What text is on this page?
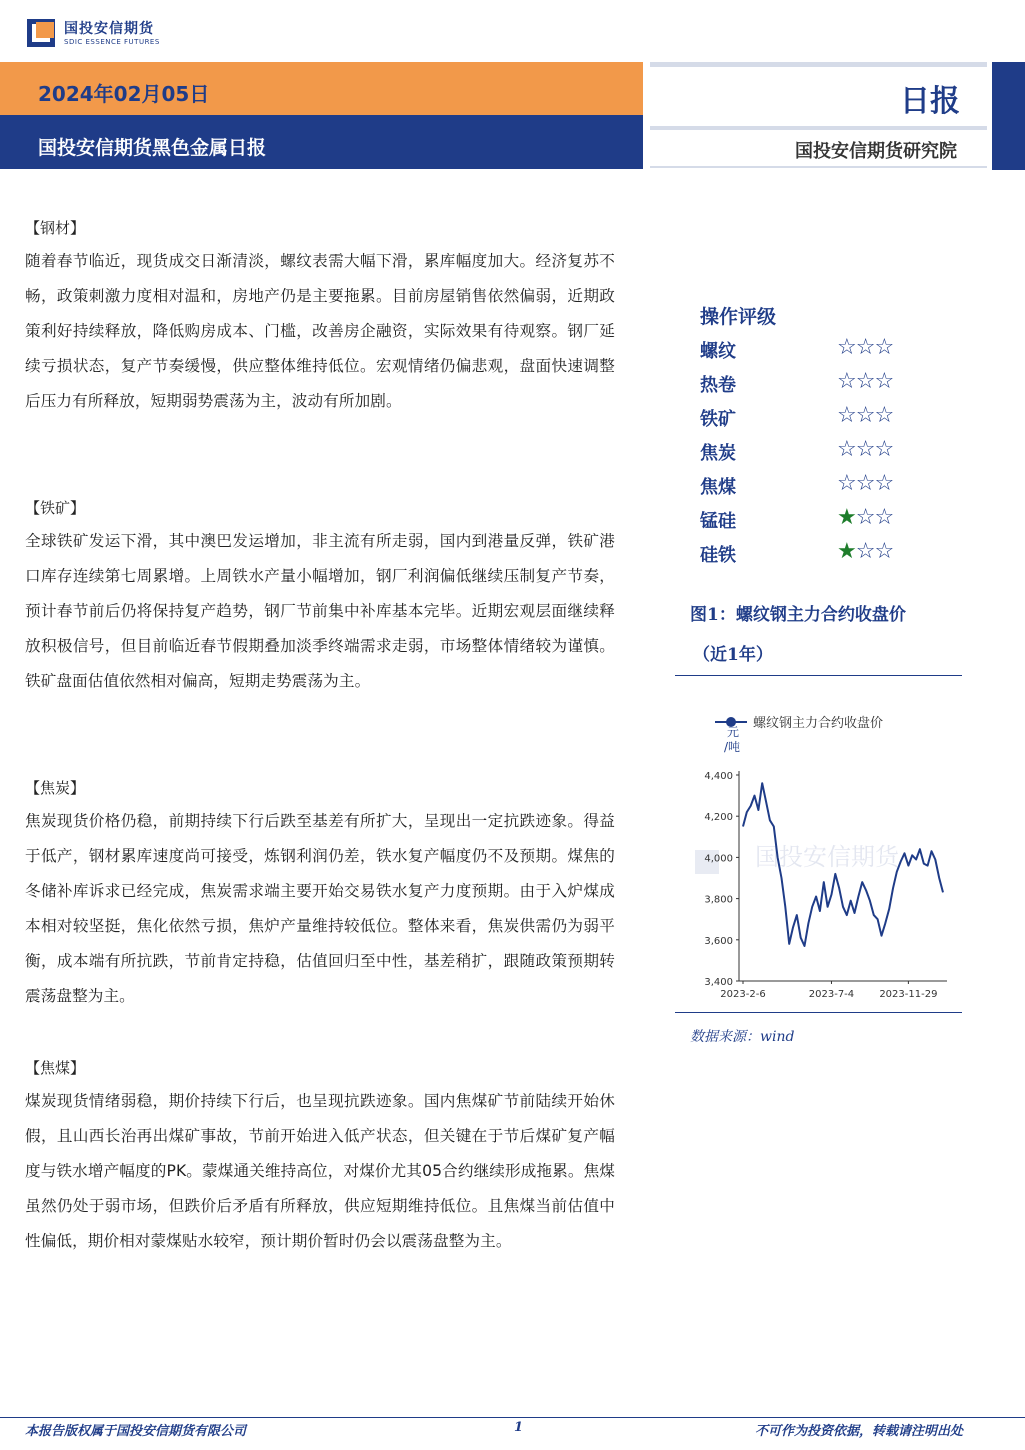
国投安信期货
SDIC ESSENCE FUTURES
2024年02月05日
国投安信期货黑色金属日报
日报
国投安信期货研究院
【钢材】
随着春节临近，现货成交日渐清淡，螺纹表需大幅下滑，累库幅度加大。经济复苏不畅，政策刺激力度相对温和，房地产仍是主要拖累。目前房屋销售依然偏弱，近期政策利好持续释放，降低购房成本、门槛，改善房企融资，实际效果有待观察。钢厂延续亏损状态，复产节奏缓慢，供应整体维持低位。宏观情绪仍偏悲观，盘面快速调整后压力有所释放，短期弱势震荡为主，波动有所加剧。
【铁矿】
全球铁矿发运下滑，其中澳巴发运增加，非主流有所走弱，国内到港量反弹，铁矿港口库存连续第七周累增。上周铁水产量小幅增加，钢厂利润偏低继续压制复产节奏，预计春节前后仍将保持复产趋势，钢厂节前集中补库基本完毕。近期宏观层面继续释放积极信号，但目前临近春节假期叠加淡季终端需求走弱，市场整体情绪较为谨慎。铁矿盘面估值依然相对偏高，短期走势震荡为主。
【焦炭】
焦炭现货价格仍稳，前期持续下行后跌至基差有所扩大，呈现出一定抗跌迹象。得益于低产，钢材累库速度尚可接受，炼钢利润仍差，铁水复产幅度仍不及预期。煤焦的冬储补库诉求已经完成，焦炭需求端主要开始交易铁水复产力度预期。由于入炉煤成本相对较坚挺，焦化依然亏损，焦炉产量维持较低位。整体来看，焦炭供需仍为弱平衡，成本端有所抗跌，节前肯定持稳，估值回归至中性，基差稍扩，跟随政策预期转震荡盘整为主。
【焦煤】
煤炭现货情绪弱稳，期价持续下行后，也呈现抗跌迹象。国内焦煤矿节前陆续开始休假，且山西长治再出煤矿事故，节前开始进入低产状态，但关键在于节后煤矿复产幅度与铁水增产幅度的PK。蒙煤通关维持高位，对煤价尤其05合约继续形成拖累。焦煤虽然仍处于弱市场，但跌价后矛盾有所释放，供应短期维持低位。且焦煤当前估值中性偏低，期价相对蒙煤贴水较窄，预计期价暂时仍会以震荡盘整为主。
操作评级
螺纹	☆☆☆
热卷	☆☆☆
铁矿	☆☆☆
焦炭	☆☆☆
焦煤	☆☆☆
锰硅	★☆☆
硅铁	★☆☆
图1：螺纹钢主力合约收盘价
（近1年）
国投安信期货
螺纹钢主力合约收盘价
元
/吨
3,400
3,600
3,800
4,000
4,200
4,400
2023-2-6	2023-7-4	2023-11-29
数据来源：wind
本报告版权属于国投安信期货有限公司	1	不可作为投资依据，转载请注明出处
